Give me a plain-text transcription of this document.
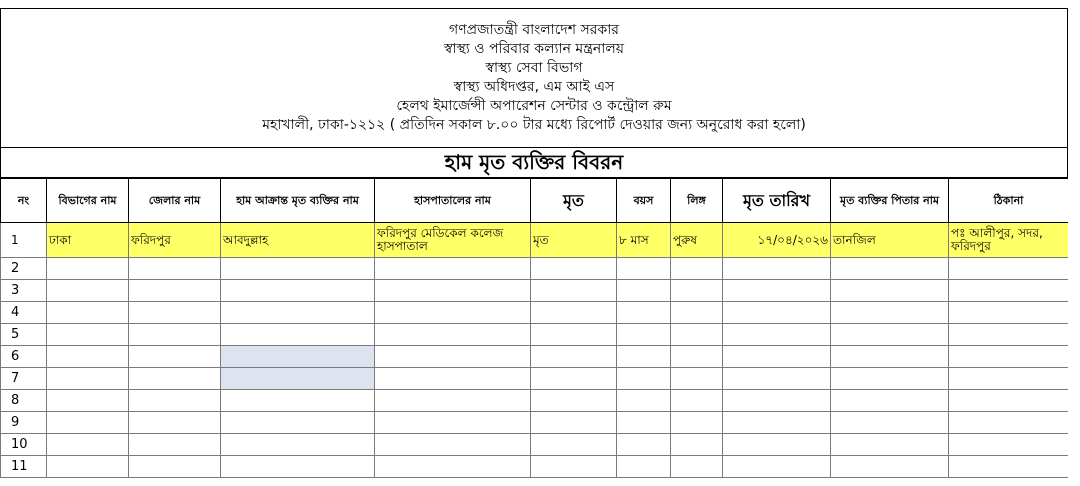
গণপ্রজাতন্ত্রী বাংলাদেশ সরকার
স্বাস্থ্য ও পরিবার কল্যান মন্ত্রনালয়
স্বাস্থ্য সেবা বিভাগ
স্বাস্থ্য অধিদপ্তর, এম আই এস
হেলথ ইমার্জেন্সী অপারেশন সেন্টার ও কন্ট্রোল রুম
মহাখালী, ঢাকা-১২১২ ( প্রতিদিন সকাল ৮.০০ টার মধ্যে রিপোর্ট দেওয়ার জন্য অনুরোধ করা হলো)
হাম মৃত ব্যক্তির বিবরন
নং	বিভাগের নাম	জেলার নাম	হাম আক্রান্ত মৃত ব্যক্তির নাম	হাসপাতালের নাম	মৃত	বয়স	লিঙ্গ	মৃত তারিখ	মৃত ব্যক্তির পিতার নাম	ঠিকানা
1	ঢাকা	ফরিদপুর	আবদুল্লাহ	ফরিদপুর মেডিকেল কলেজ হাসপাতাল	মৃত	৮ মাস	পুরুষ	১৭/০৪/২০২৬	তানজিল	পঃ আলীপুর, সদর, ফরিদপুর
2										
3										
4										
5										
6										
7										
8										
9										
10										
11										
